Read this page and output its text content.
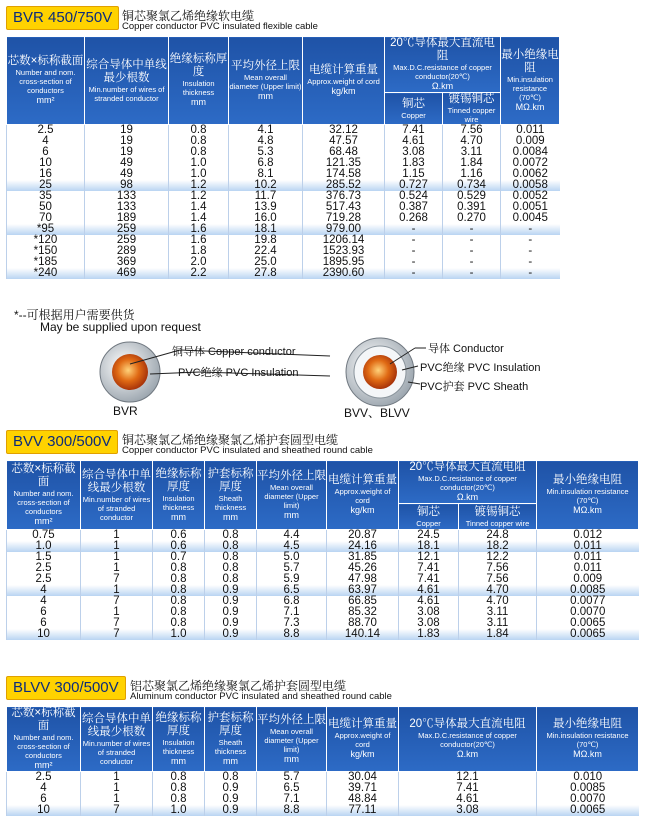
BVR 450/750V 铜芯聚氯乙烯绝缘软电缆
Copper conductor PVC insulated flexible cable
芯数×标称截面
Number and nom. cross-section of conductors
mm²	综合导体中单线最少根数
Min.number of wires of stranded conductor	绝缘标称厚度
Insulation thickness
mm	平均外径上限
Mean overall diameter (Upper limit)
mm	电缆计算重量
Approx.weight of cord
kg/km	20℃导体最大直流电阻
Max.D.C.resistance of copper conductor(20℃)
Ω.km		最小绝缘电阻
Min.insulation resistance (70℃)
MΩ.km

					铜芯
Copper	镀锡铜芯
Tinned copper wire	

2.5	19	0.8	4.1	32.12	7.41	7.56	0.011
4	19	0.8	4.8	47.57	4.61	4.70	0.009
6	19	0.8	5.3	68.48	3.08	3.11	0.0084
10	49	1.0	6.8	121.35	1.83	1.84	0.0072
16	49	1.0	8.1	174.58	1.15	1.16	0.0062
25	98	1.2	10.2	285.52	0.727	0.734	0.0058
35	133	1.2	11.7	376.73	0.524	0.529	0.0052
50	133	1.4	13.9	517.43	0.387	0.391	0.0051
70	189	1.4	16.0	719.28	0.268	0.270	0.0045
*95	259	1.6	18.1	979.00	-	-	-
*120	259	1.6	19.8	1206.14	-	-	-
*150	289	1.8	22.4	1523.93	-	-	-
*185	369	2.0	25.0	1895.95	-	-	-
*240	469	2.2	27.8	2390.60	-	-	-
*--可根据用户需要供货
May be supplied upon request
铜导体 Copper conductor
PVC绝缘 PVC Insulation
BVR
导体 Conductor
PVC绝缘 PVC Insulation
PVC护套 PVC Sheath
BVV、BLVV
BVV 300/500V 铜芯聚氯乙烯绝缘聚氯乙烯护套圆型电缆
Copper conductor PVC insulated and sheathed round cable
芯数×标称截面
Number and nom. cross-section of conductors
mm²	综合导体中单线最少根数
Min.number of wires of stranded conductor	绝缘标称厚度
Insulation thickness
mm	护套标称厚度
Sheath thickness
mm	平均外径上限
Mean overall diameter (Upper limit)
mm	电缆计算重量
Approx.weight of cord
kg/km	20℃导体最大直流电阻
Max.D.C.resistance of copper conductor(20℃)
Ω.km		最小绝缘电阻
Min.insulation resistance (70℃)
MΩ.km

						铜芯
Copper	镀锡铜芯
Tinned copper wire	

0.75	1	0.6	0.8	4.4	20.87	24.5	24.8	0.012
1.0	1	0.6	0.8	4.5	24.16	18.1	18.2	0.011
1.5	1	0.7	0.8	5.0	31.85	12.1	12.2	0.011
2.5	1	0.8	0.8	5.7	45.26	7.41	7.56	0.011
2.5	7	0.8	0.8	5.9	47.98	7.41	7.56	0.009
4	1	0.8	0.9	6.5	63.97	4.61	4.70	0.0085
4	7	0.8	0.9	6.8	66.85	4.61	4.70	0.0077
6	1	0.8	0.9	7.1	85.32	3.08	3.11	0.0070
6	7	0.8	0.9	7.3	88.70	3.08	3.11	0.0065
10	7	1.0	0.9	8.8	140.14	1.83	1.84	0.0065
BLVV 300/500V 铝芯聚氯乙烯绝缘聚氯乙烯护套圆型电缆
Aluminum conductor PVC insulated and sheathed round cable
芯数×标称截面
Number and nom. cross-section of conductors
mm²	综合导体中单线最少根数
Min.number of wires of stranded conductor	绝缘标称厚度
Insulation thickness
mm	护套标称厚度
Sheath thickness
mm	平均外径上限
Mean overall diameter (Upper limit)
mm	电缆计算重量
Approx.weight of cord
kg/km	20℃导体最大直流电阻
Max.D.C.resistance of copper conductor(20℃)
Ω.km	最小绝缘电阻
Min.insulation resistance (70℃)
MΩ.km

2.5	1	0.8	0.8	5.7	30.04	12.1	0.010
4	1	0.8	0.9	6.5	39.71	7.41	0.0085
6	1	0.8	0.9	7.1	48.84	4.61	0.0070
10	7	1.0	0.9	8.8	77.11	3.08	0.0065
